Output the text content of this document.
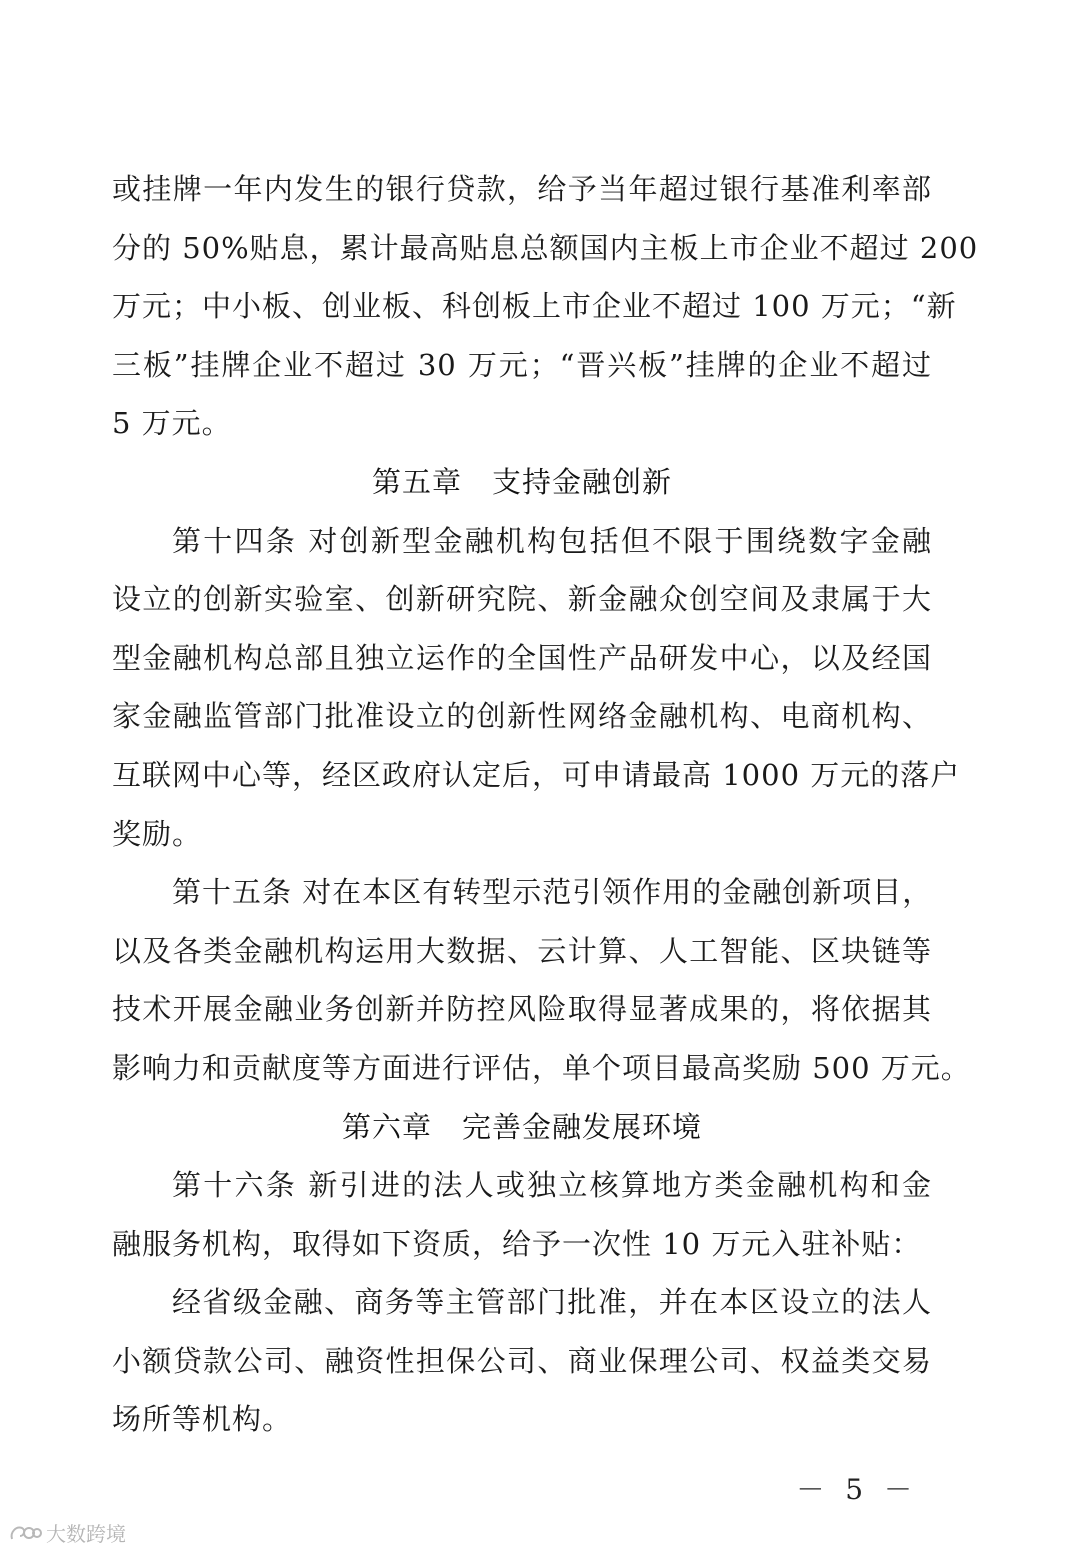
或挂牌一年内发生的银行贷款，给予当年超过银行基准利率部
分的 50%贴息，累计最高贴息总额国内主板上市企业不超过 200
万元；中小板、创业板、科创板上市企业不超过 100 万元；“新
三板”挂牌企业不超过 30 万元；“晋兴板”挂牌的企业不超过
5 万元。
第五章　支持金融创新
第十四条 对创新型金融机构包括但不限于围绕数字金融
设立的创新实验室、创新研究院、新金融众创空间及隶属于大
型金融机构总部且独立运作的全国性产品研发中心，以及经国
家金融监管部门批准设立的创新性网络金融机构、电商机构、
互联网中心等，经区政府认定后，可申请最高 1000 万元的落户
奖励。
第十五条 对在本区有转型示范引领作用的金融创新项目，
以及各类金融机构运用大数据、云计算、人工智能、区块链等
技术开展金融业务创新并防控风险取得显著成果的，将依据其
影响力和贡献度等方面进行评估，单个项目最高奖励 500 万元。
第六章　完善金融发展环境
第十六条 新引进的法人或独立核算地方类金融机构和金
融服务机构，取得如下资质，给予一次性 10 万元入驻补贴：
经省级金融、商务等主管部门批准，并在本区设立的法人
小额贷款公司、融资性担保公司、商业保理公司、权益类交易
场所等机构。
－ 5 －
大数跨境
